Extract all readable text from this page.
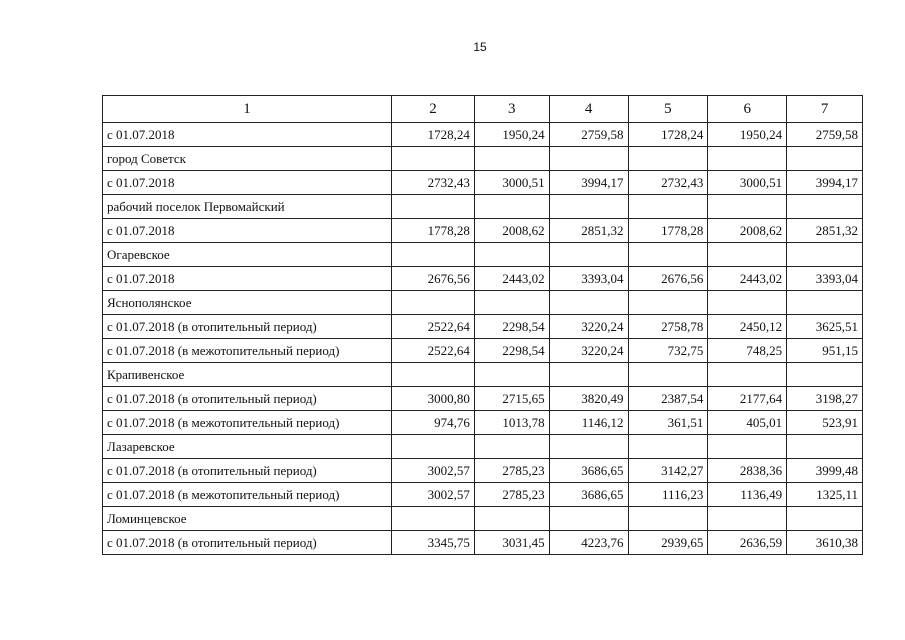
15
1	2	3	4	5	6	7
с 01.07.2018	1728,24	1950,24	2759,58	1728,24	1950,24	2759,58
город Советск						
с 01.07.2018	2732,43	3000,51	3994,17	2732,43	3000,51	3994,17
рабочий поселок Первомайский						
с 01.07.2018	1778,28	2008,62	2851,32	1778,28	2008,62	2851,32
Огаревское						
с 01.07.2018	2676,56	2443,02	3393,04	2676,56	2443,02	3393,04
Яснополянское						
с 01.07.2018 (в отопительный период)	2522,64	2298,54	3220,24	2758,78	2450,12	3625,51
с 01.07.2018 (в межотопительный период)	2522,64	2298,54	3220,24	732,75	748,25	951,15
Крапивенское						
с 01.07.2018 (в отопительный период)	3000,80	2715,65	3820,49	2387,54	2177,64	3198,27
с 01.07.2018 (в межотопительный период)	974,76	1013,78	1146,12	361,51	405,01	523,91
Лазаревское						
с 01.07.2018 (в отопительный период)	3002,57	2785,23	3686,65	3142,27	2838,36	3999,48
с 01.07.2018 (в межотопительный период)	3002,57	2785,23	3686,65	1116,23	1136,49	1325,11
Ломинцевское						
с 01.07.2018 (в отопительный период)	3345,75	3031,45	4223,76	2939,65	2636,59	3610,38
